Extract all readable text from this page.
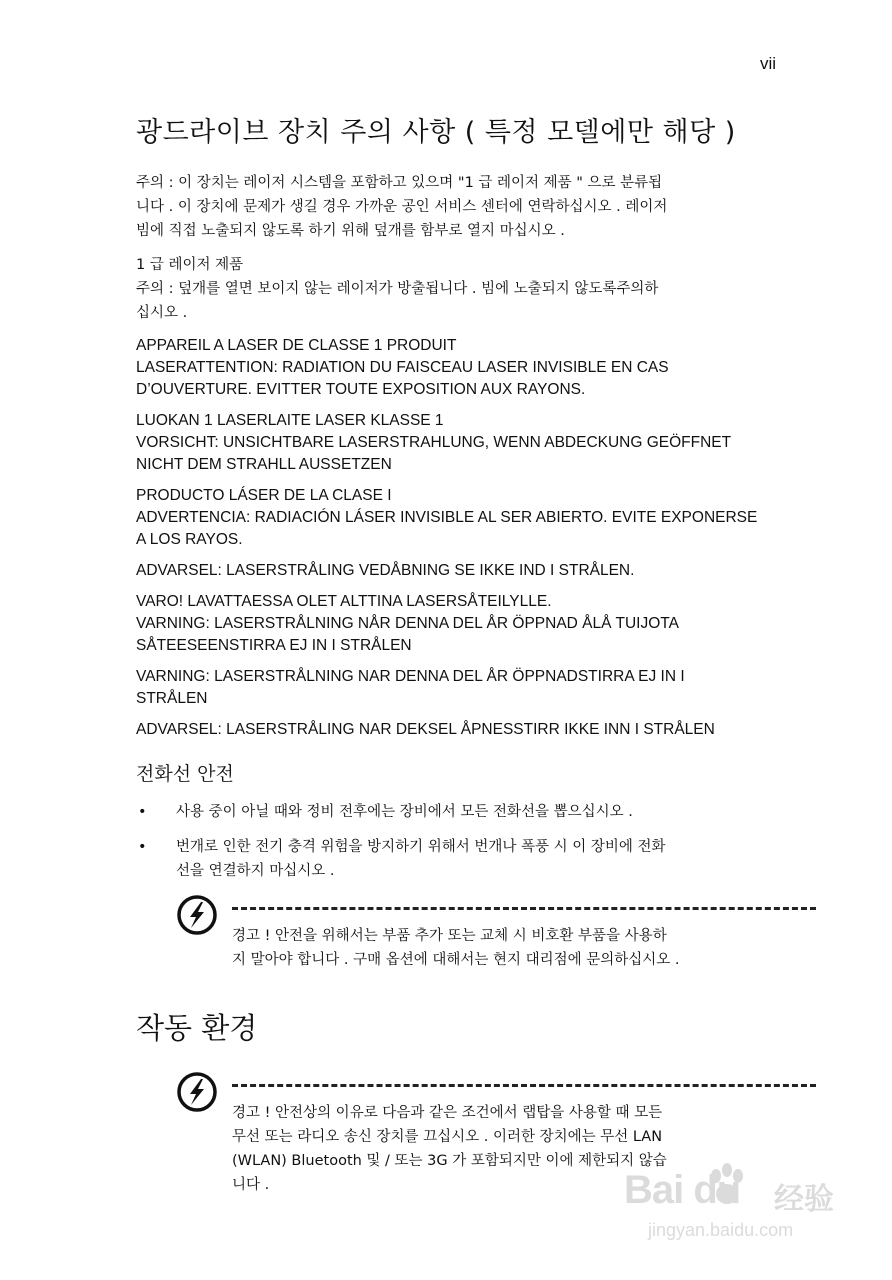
vii
광드라이브 장치 주의 사항 ( 특정 모델에만 해당 )

주의 : 이 장치는 레이저 시스템을 포함하고 있으며 "1 급 레이저 제품 " 으로 분류됩
니다 . 이 장치에 문제가 생길 경우 가까운 공인 서비스 센터에 연락하십시오 . 레이저
빔에 직접 노출되지 않도록 하기 위해 덮개를 함부로 열지 마십시오 .

1 급 레이저 제품
주의 : 덮개를 열면 보이지 않는 레이저가 방출됩니다 . 빔에 노출되지 않도록주의하
십시오 .

APPAREIL A LASER DE CLASSE 1 PRODUIT
LASERATTENTION: RADIATION DU FAISCEAU LASER INVISIBLE EN CAS
D’OUVERTURE. EVITTER TOUTE EXPOSITION AUX RAYONS.

LUOKAN 1 LASERLAITE LASER KLASSE 1
VORSICHT: UNSICHTBARE LASERSTRAHLUNG, WENN ABDECKUNG GEÖFFNET
NICHT DEM STRAHLL AUSSETZEN

PRODUCTO LÁSER DE LA CLASE I
ADVERTENCIA: RADIACIÓN LÁSER INVISIBLE AL SER ABIERTO. EVITE EXPONERSE
A LOS RAYOS.

ADVARSEL: LASERSTRÅLING VEDÅBNING SE IKKE IND I STRÅLEN.

VARO! LAVATTAESSA OLET ALTTINA LASERSÅTEILYLLE.
VARNING: LASERSTRÅLNING NÅR DENNA DEL ÅR ÖPPNAD ÅLÅ TUIJOTA
SÅTEESEENSTIRRA EJ IN I STRÅLEN

VARNING: LASERSTRÅLNING NAR DENNA DEL ÅR ÖPPNADSTIRRA EJ IN I
STRÅLEN

ADVARSEL: LASERSTRÅLING NAR DEKSEL ÅPNESSTIRR IKKE INN I STRÅLEN

전화선 안전
• 사용 중이 아닐 때와 정비 전후에는 장비에서 모든 전화선을 뽑으십시오 .
• 번개로 인한 전기 충격 위험을 방지하기 위해서 번개나 폭풍 시 이 장비에 전화
선을 연결하지 마십시오 .
경고 ! 안전을 위해서는 부품 추가 또는 교체 시 비호환 부품을 사용하
지 말아야 합니다 . 구매 옵션에 대해서는 현지 대리점에 문의하십시오 .
작동 환경
경고 ! 안전상의 이유로 다음과 같은 조건에서 랩탑을 사용할 때 모든
무선 또는 라디오 송신 장치를 끄십시오 . 이러한 장치에는 무선 LAN
(WLAN) Bluetooth 및 / 또는 3G 가 포함되지만 이에 제한되지 않습
니다 .	Bai du 经验
jingyan.baidu.com
